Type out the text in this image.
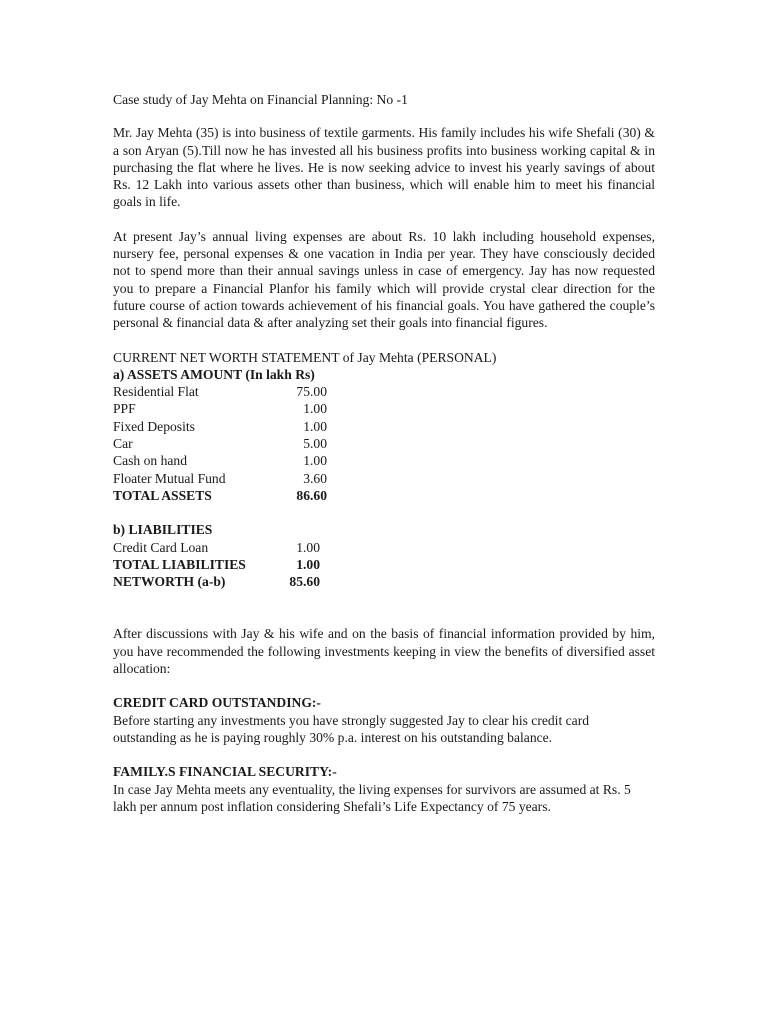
Case study of Jay Mehta on Financial Planning: No -1

Mr. Jay Mehta (35) is into business of textile garments. His family includes his wife Shefali (30) & a son Aryan (5).Till now he has invested all his business profits into business working capital & in purchasing the flat where he lives. He is now seeking advice to invest his yearly savings of about Rs. 12 Lakh into various assets other than business, which will enable him to meet his financial goals in life.

At present Jay’s annual living expenses are about Rs. 10 lakh including household expenses, nursery fee, personal expenses & one vacation in India per year. They have consciously decided not to spend more than their annual savings unless in case of emergency. Jay has now requested you to prepare a Financial Planfor his family which will provide crystal clear direction for the future course of action towards achievement of his financial goals. You have gathered the couple’s personal & financial data & after analyzing set their goals into financial figures.

CURRENT NET WORTH STATEMENT of Jay Mehta (PERSONAL)

a) ASSETS AMOUNT (In lakh Rs)

Residential Flat	75.00
PPF	1.00
Fixed Deposits	1.00
Car	5.00
Cash on hand	1.00
Floater Mutual Fund	3.60
TOTAL ASSETS	86.60

b) LIABILITIES

Credit Card Loan	1.00
TOTAL LIABILITIES	1.00
NETWORTH (a-b)	85.60

After discussions with Jay & his wife and on the basis of financial information provided by him, you have recommended the following investments keeping in view the benefits of diversified asset allocation:

CREDIT CARD OUTSTANDING:-

Before starting any investments you have strongly suggested Jay to clear his credit card outstanding as he is paying roughly 30% p.a. interest on his outstanding balance.

FAMILY.S FINANCIAL SECURITY:-

In case Jay Mehta meets any eventuality, the living expenses for survivors are assumed at Rs. 5 lakh per annum post inflation considering Shefali’s Life Expectancy of 75 years.
